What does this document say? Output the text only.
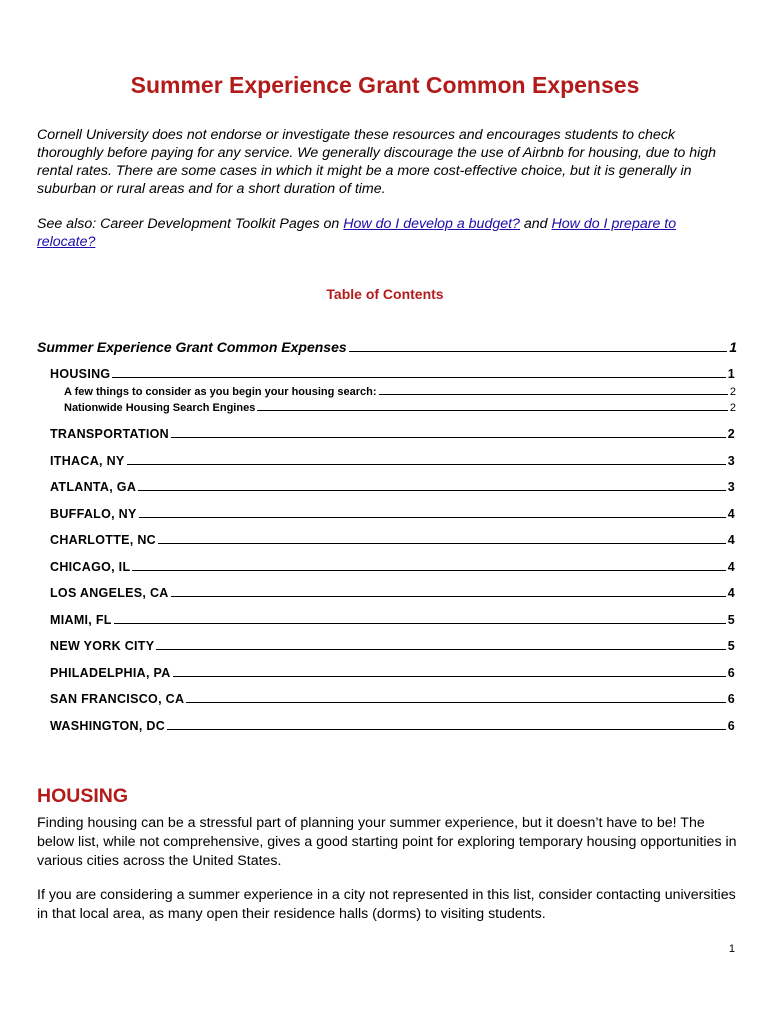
Summer Experience Grant Common Expenses
Cornell University does not endorse or investigate these resources and encourages students to check thoroughly before paying for any service. We generally discourage the use of Airbnb for housing, due to high rental rates. There are some cases in which it might be a more cost-effective choice, but it is generally in suburban or rural areas and for a short duration of time.
See also: Career Development Toolkit Pages on How do I develop a budget? and How do I prepare to relocate?
Table of Contents
Summer Experience Grant Common Expenses	1
HOUSING	1
A few things to consider as you begin your housing search:	2
Nationwide Housing Search Engines	2
TRANSPORTATION	2
ITHACA, NY	3
ATLANTA, GA	3
BUFFALO, NY	4
CHARLOTTE, NC	4
CHICAGO, IL	4
LOS ANGELES, CA	4
MIAMI, FL	5
NEW YORK CITY	5
PHILADELPHIA, PA	6
SAN FRANCISCO, CA	6
WASHINGTON, DC	6
HOUSING
Finding housing can be a stressful part of planning your summer experience, but it doesn’t have to be! The below list, while not comprehensive, gives a good starting point for exploring temporary housing opportunities in various cities across the United States.
If you are considering a summer experience in a city not represented in this list, consider contacting universities in that local area, as many open their residence halls (dorms) to visiting students.
1
